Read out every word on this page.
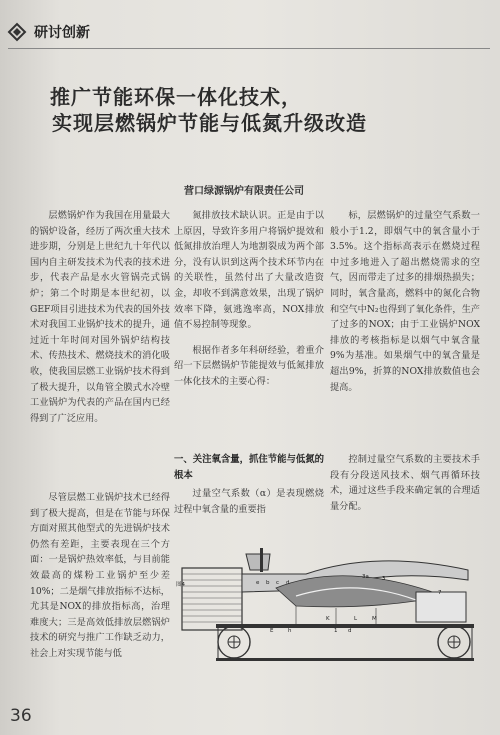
研讨创新
推广节能环保一体化技术，
实现层燃锅炉节能与低氮升级改造
营口绿源锅炉有限责任公司

层燃锅炉作为我国在用量最大的锅炉设备，经历了两次重大技术进步期，分别是上世纪九十年代以国内自主研发技术为代表的技术进步，代表产品是水火管锅壳式锅炉；第二个时期是本世纪初，以GEF项目引进技术为代表的国外技术对我国工业锅炉技术的提升，通过近十年时间对国外锅炉结构技术、传热技术、燃烧技术的消化吸收，使我国层燃工业锅炉技术得到了极大提升，以角管全膜式水冷壁工业锅炉为代表的产品在国内已经得到了广泛应用。

尽管层燃工业锅炉技术已经得到了极大提高，但是在节能与环保方面对照其他型式的先进锅炉技术仍然有差距，主要表现在三个方面：一是锅炉热效率低，与目前能效最高的煤粉工业锅炉至少差10%；二是烟气排放指标不达标，尤其是NOX的排放指标高，治理难度大；三是高效低排放层燃锅炉技术的研究与推广工作缺乏动力，社会上对实现节能与低

氮排放技术缺认识。正是由于以上原因，导致许多用户将锅炉提效和低氮排放治理人为地割裂成为两个部分，没有认识到这两个技术环节内在的关联性，虽然付出了大量改造资金，却收不到满意效果，出现了锅炉效率下降，氨逃逸率高，NOX排放值不易控制等现象。

根据作者多年科研经验，着重介绍一下层燃锅炉节能提效与低氮排放一体化技术的主要心得：

一、关注氧含量，抓住节能与低氮的根本

过量空气系数（α）是表现燃烧过程中氧含量的重要指

标，层燃锅炉的过量空气系数一般小于1.2，即烟气中的氧含量小于3.5%。这个指标高表示在燃烧过程中过多地进入了超出燃烧需求的空气，因而带走了过多的排烟热损失；同时，氧含量高，燃料中的氮化合物和空气中N₂也得到了氧化条件，生产了过多的NOX；由于工业锅炉NOX排放的考核指标是以烟气中氧含量9%为基准。如果烟气中的氧含量是超出9%，折算的NOX排放数值也会提高。

控制过量空气系数的主要技术手段有分段送风技术、烟气再循环技术，通过这些手段来确定氧的合理适量分配。

图4	e b c d
3a 3
7
E	h	1 d
K	L	M
36
